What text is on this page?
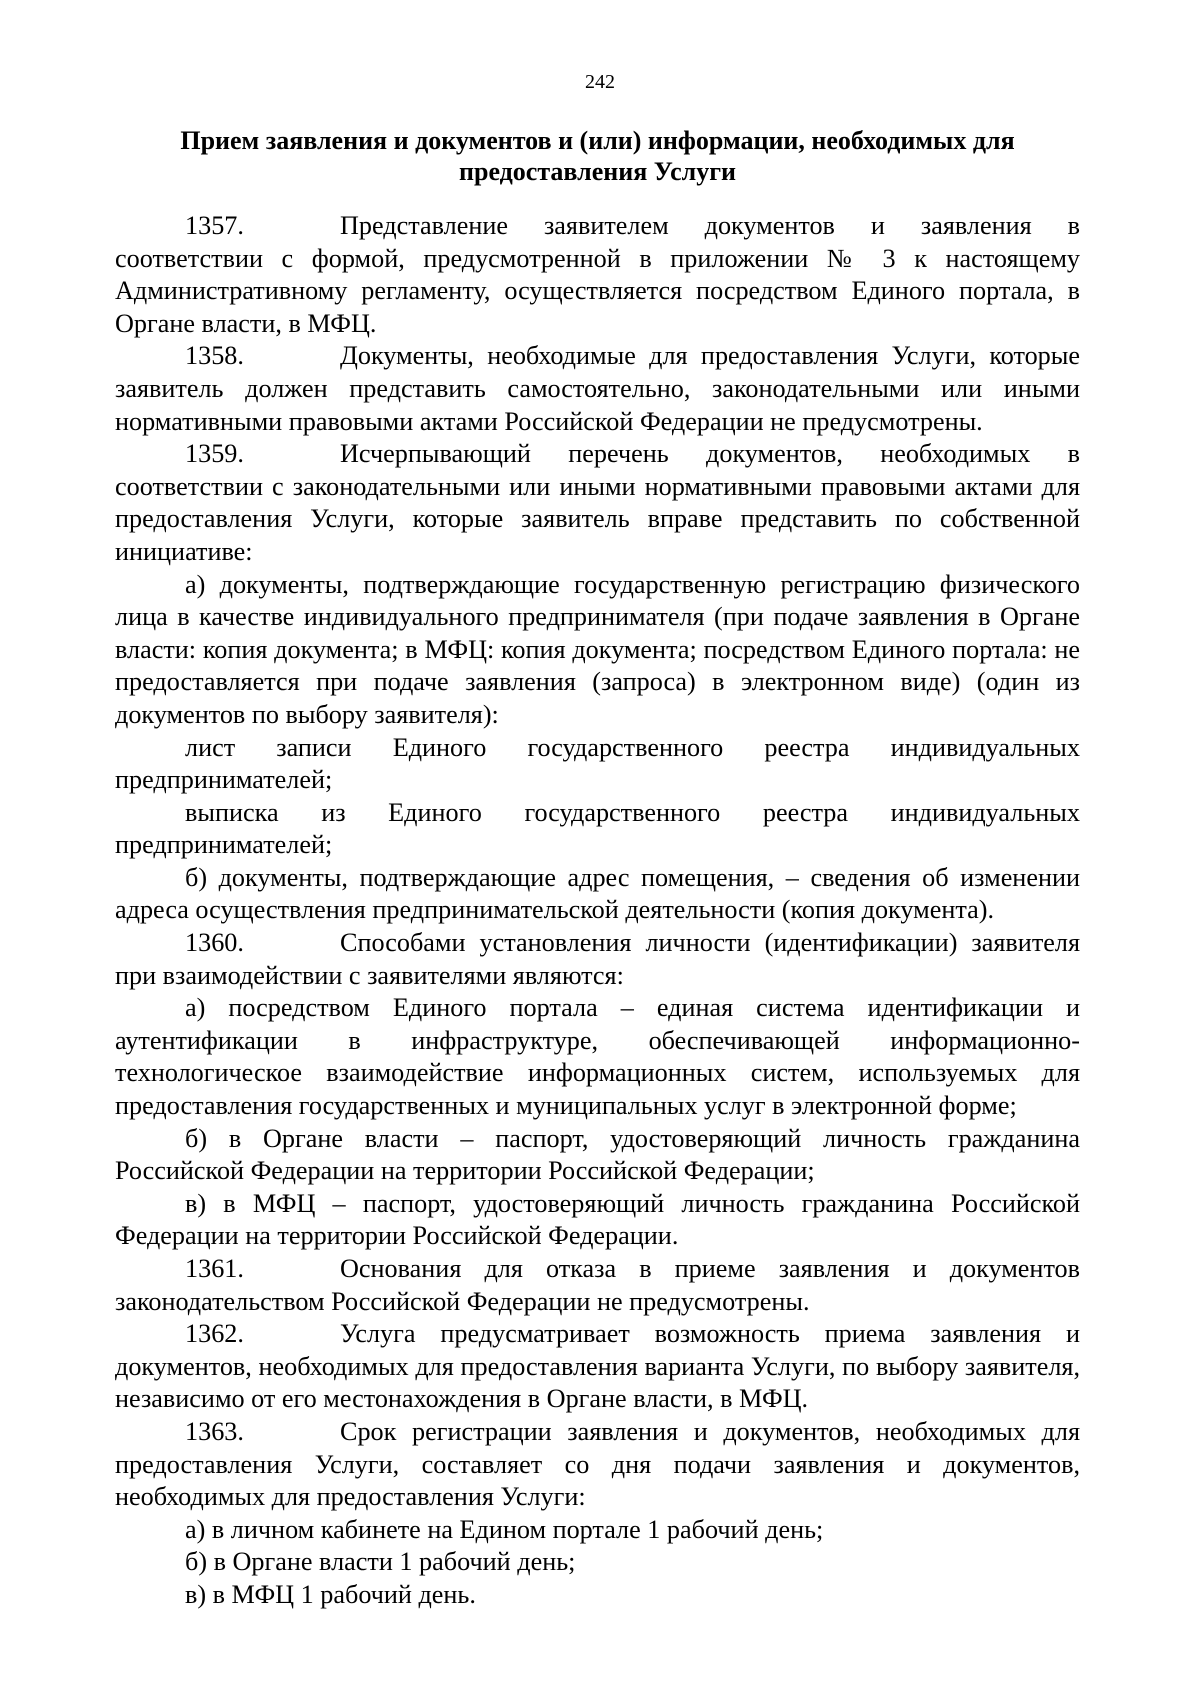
242
Прием заявления и документов и (или) информации, необходимых для предоставления Услуги

1357.	Представление заявителем документов и заявления в соответствии с формой, предусмотренной в приложении № 3 к настоящему Административному регламенту, осуществляется посредством Единого портала, в Органе власти, в МФЦ.

1358.	Документы, необходимые для предоставления Услуги, которые заявитель должен представить самостоятельно, законодательными или иными нормативными правовыми актами Российской Федерации не предусмотрены.

1359.	Исчерпывающий перечень документов, необходимых в соответствии с законодательными или иными нормативными правовыми актами для предоставления Услуги, которые заявитель вправе представить по собственной инициативе:

а) документы, подтверждающие государственную регистрацию физического лица в качестве индивидуального предпринимателя (при подаче заявления в Органе власти: копия документа; в МФЦ: копия документа; посредством Единого портала: не предоставляется при подаче заявления (запроса) в электронном виде) (один из документов по выбору заявителя):

лист записи Единого государственного реестра индивидуальных предпринимателей;

выписка из Единого государственного реестра индивидуальных предпринимателей;

б) документы, подтверждающие адрес помещения, – сведения об изменении адреса осуществления предпринимательской деятельности (копия документа).

1360.	Способами установления личности (идентификации) заявителя при взаимодействии с заявителями являются:

а) посредством Единого портала – единая система идентификации и аутентификации в инфраструктуре, обеспечивающей информационно-технологическое взаимодействие информационных систем, используемых для предоставления государственных и муниципальных услуг в электронной форме;

б) в Органе власти – паспорт, удостоверяющий личность гражданина Российской Федерации на территории Российской Федерации;

в) в МФЦ – паспорт, удостоверяющий личность гражданина Российской Федерации на территории Российской Федерации.

1361.	Основания для отказа в приеме заявления и документов законодательством Российской Федерации не предусмотрены.

1362.	Услуга предусматривает возможность приема заявления и документов, необходимых для предоставления варианта Услуги, по выбору заявителя, независимо от его местонахождения в Органе власти, в МФЦ.

1363.	Срок регистрации заявления и документов, необходимых для предоставления Услуги, составляет со дня подачи заявления и документов, необходимых для предоставления Услуги:

а) в личном кабинете на Едином портале 1 рабочий день;

б) в Органе власти 1 рабочий день;

в) в МФЦ 1 рабочий день.
